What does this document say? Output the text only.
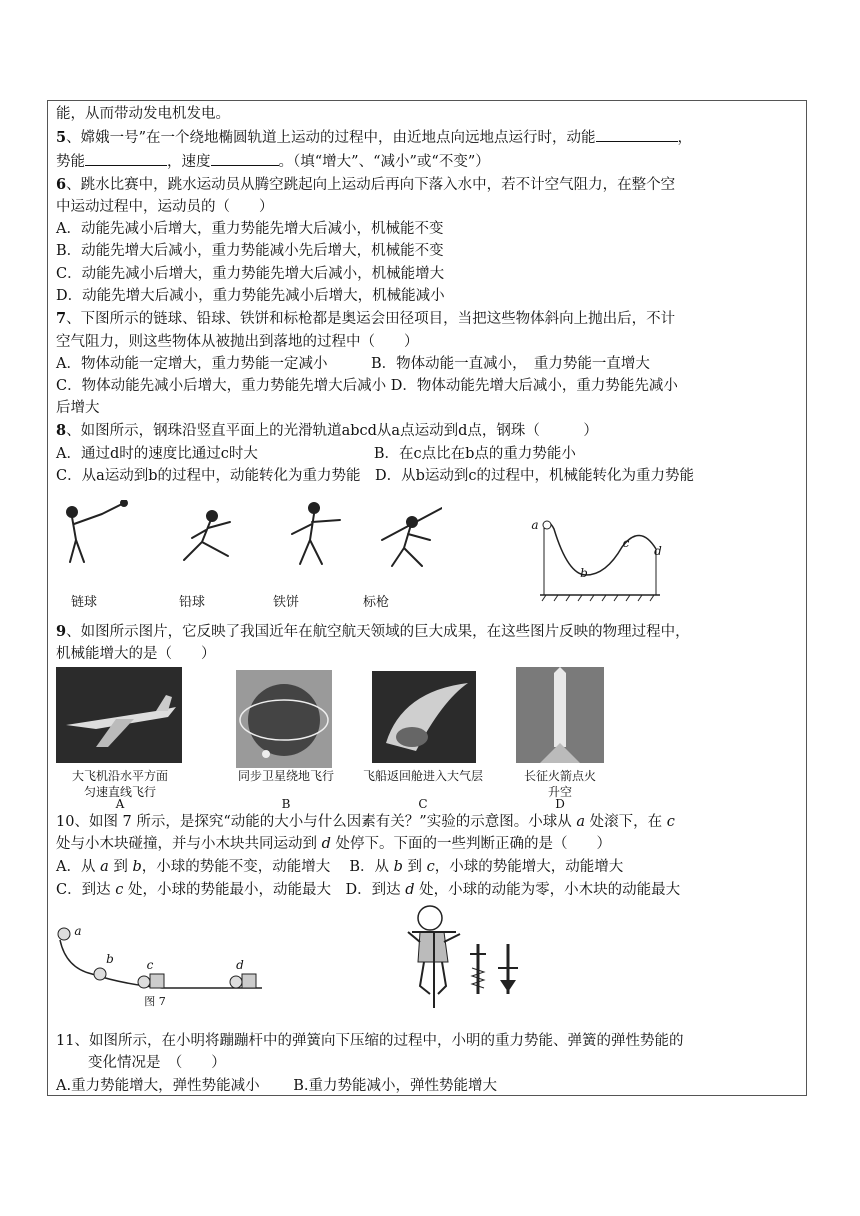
能，从而带动发电机发电。
5、嫦娥一号”在一个绕地椭圆轨道上运动的过程中，由近地点向远地点运行时，动能	，
势能	，速度	。（填“增大”、“减小”或“不变”）
6、跳水比赛中，跳水运动员从腾空跳起向上运动后再向下落入水中，若不计空气阻力，在整个空
中运动过程中，运动员的（　　）
A．动能先减小后增大，重力势能先增大后减小，机械能不变
B．动能先增大后减小，重力势能减小先后增大，机械能不变
C．动能先减小后增大，重力势能先增大后减小，机械能增大
D．动能先增大后减小，重力势能先减小后增大，机械能减小
7、下图所示的链球、铅球、铁饼和标枪都是奥运会田径项目，当把这些物体斜向上抛出后，不计
空气阻力，则这些物体从被抛出到落地的过程中（　　）
A．物体动能一定增大，重力势能一定减小　　　B．物体动能一直减小，　重力势能一直增大
C．物体动能先减小后增大，重力势能先增大后减小 D．物体动能先增大后减小，重力势能先减小
后增大
8、如图所示，钢珠沿竖直平面上的光滑轨道abcd从a点运动到d点，钢珠（　　　）
A．通过d时的速度比通过c时大　　　　　　　　B．在c点比在b点的重力势能小
C．从a运动到b的过程中，动能转化为重力势能　D．从b运动到c的过程中，机械能转化为重力势能
链球	铅球	铁饼	标枪
a
b
c
d
9、如图所示图片，它反映了我国近年在航空航天领域的巨大成果，在这些图片反映的物理过程中，
机械能增大的是（　　）
大飞机沿水平方面
匀速直线飞行
A
同步卫星绕地飞行
B
飞船返回舱进入大气层
C
长征火箭点火
升空
D
10、如图 7 所示，是探究“动能的大小与什么因素有关？”实验的示意图。小球从 a 处滚下，在 c
处与小木块碰撞，并与小木块共同运动到 d 处停下。下面的一些判断正确的是（　　）
A．从 a 到 b，小球的势能不变，动能增大　 B．从 b 到 c，小球的势能增大，动能增大
C．到达 c 处，小球的势能最小，动能最大　D．到达 d 处，小球的动能为零，小木块的动能最大
a
b	c	d
图 7
11、如图所示，在小明将蹦蹦杆中的弹簧向下压缩的过程中，小明的重力势能、弹簧的弹性势能的
变化情况是　（　　）
A.重力势能增大，弹性势能减小　　 B.重力势能减小，弹性势能增大
